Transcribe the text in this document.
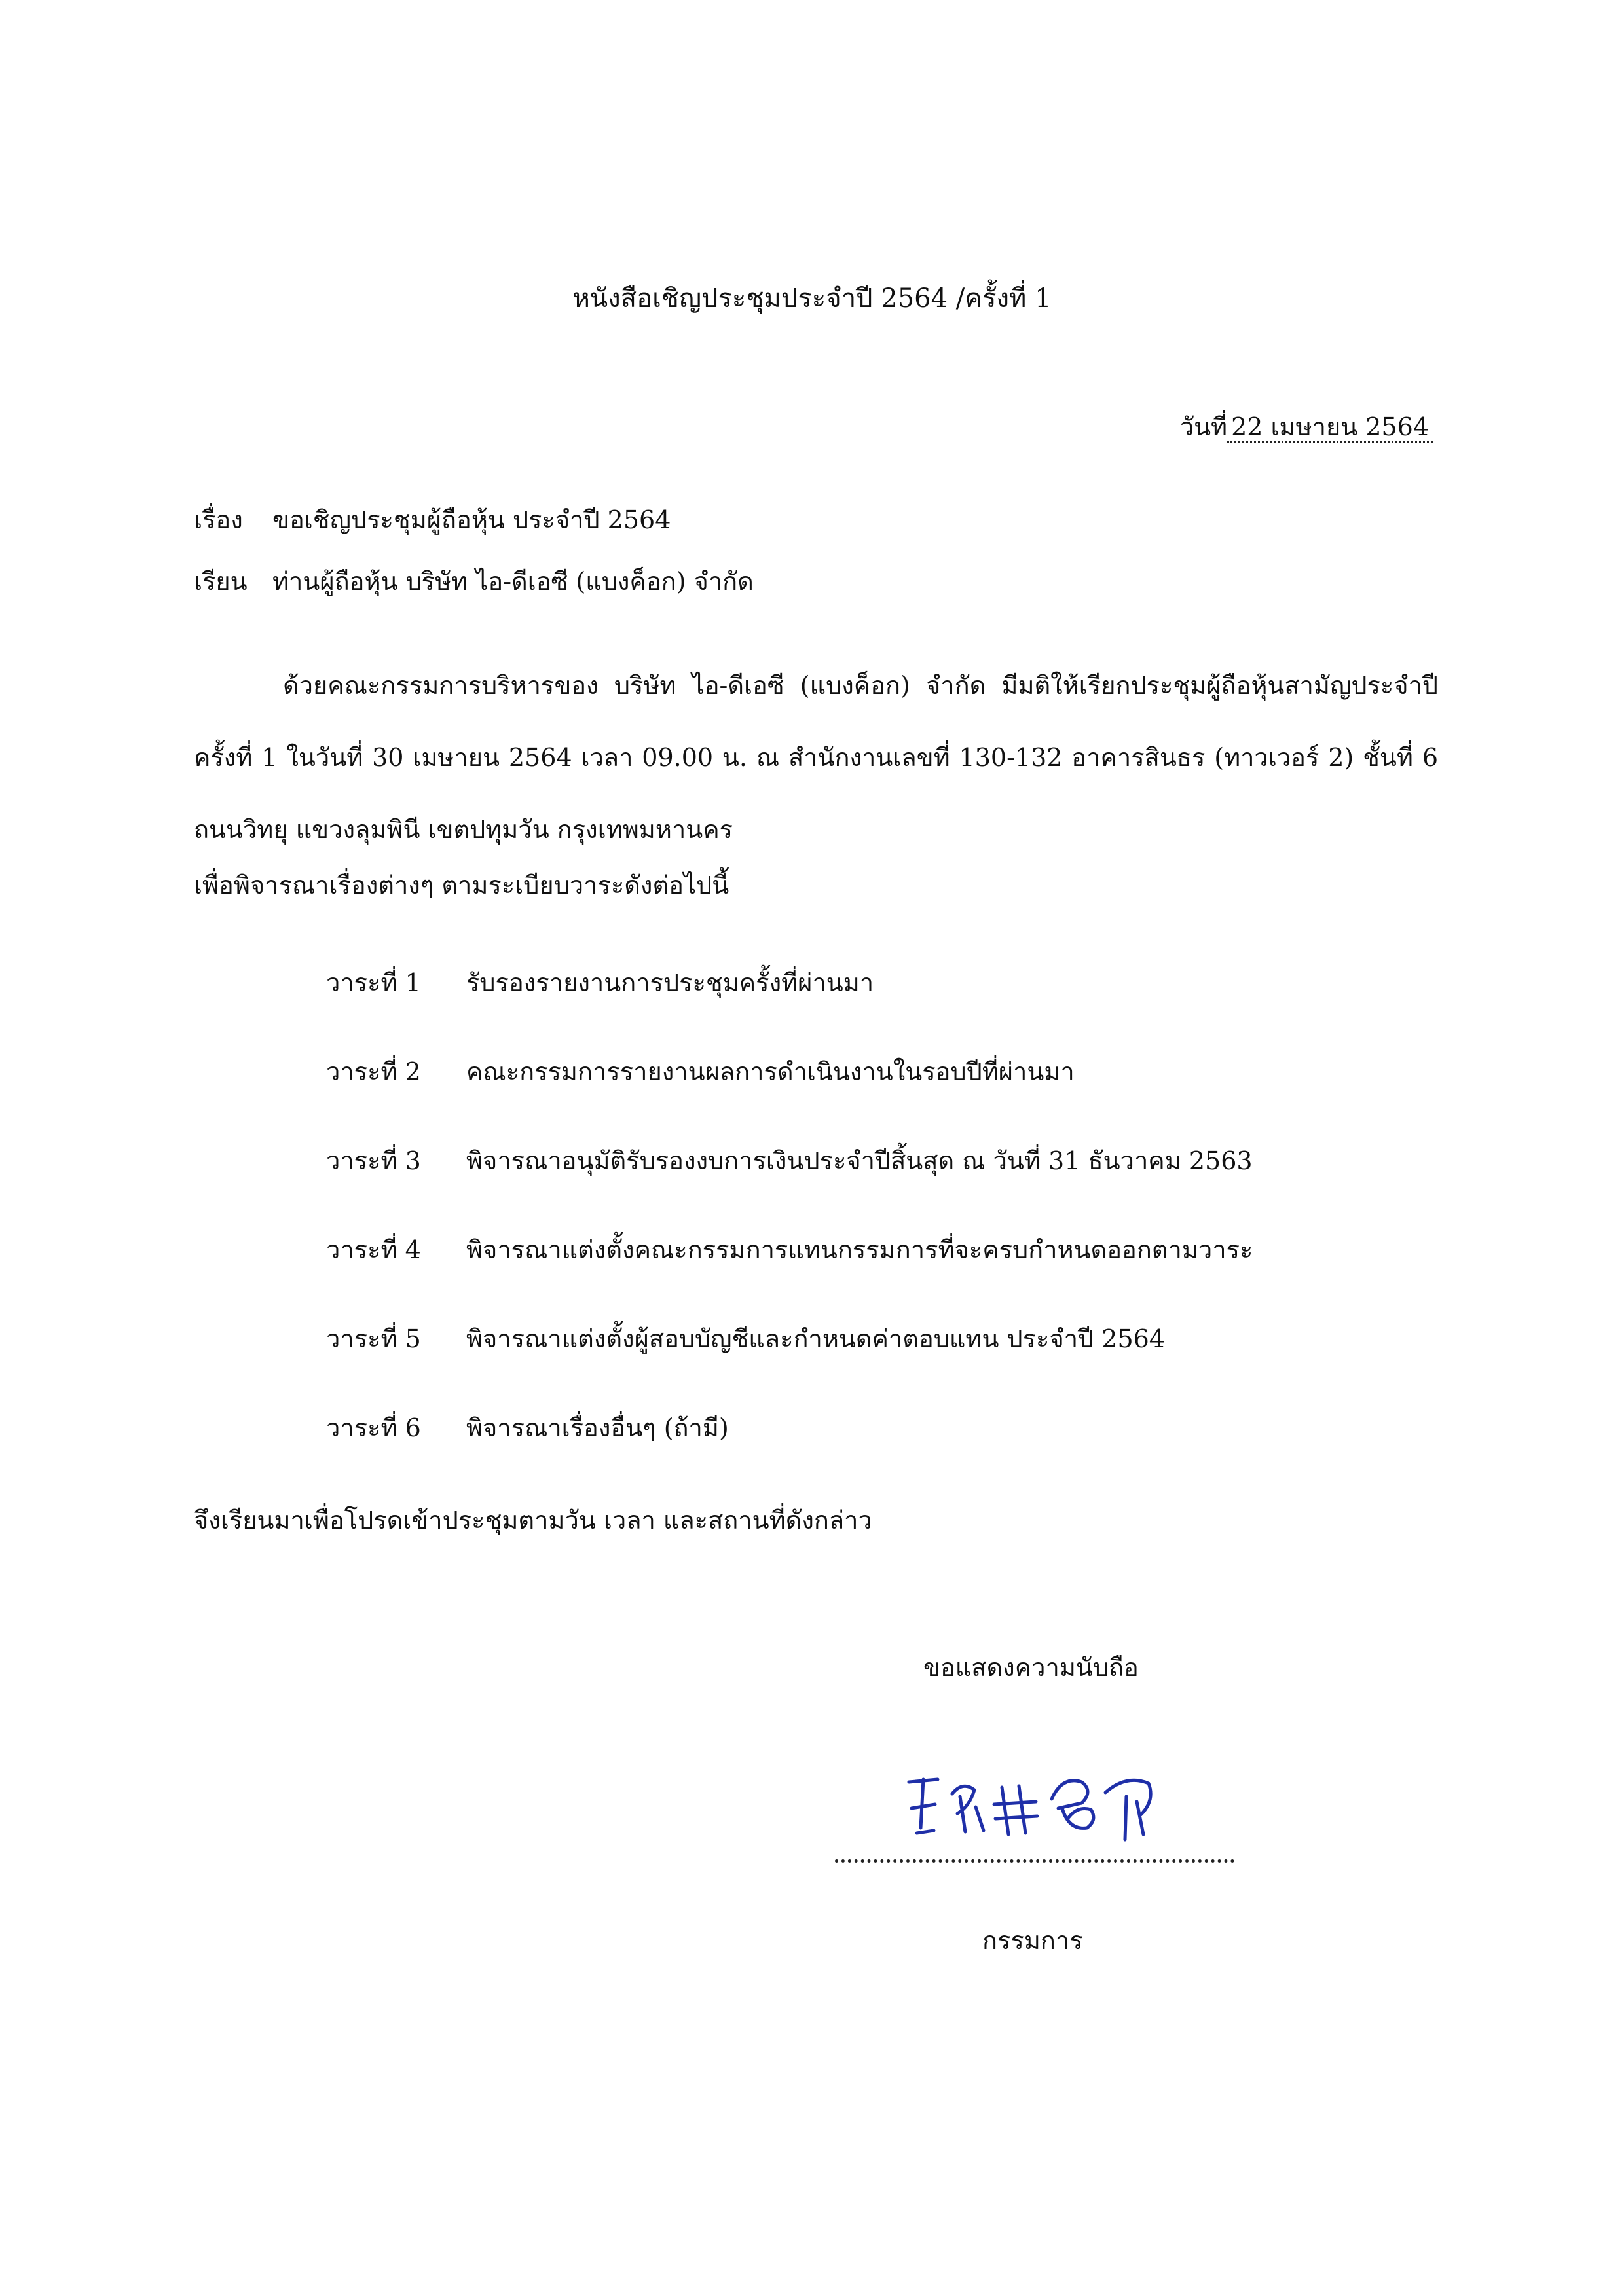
หนังสือเชิญประชุมประจำปี 2564 /ครั้งที่ 1
วันที่ 22 เมษายน 2564
เรื่อง ขอเชิญประชุมผู้ถือหุ้น ประจำปี 2564
เรียน ท่านผู้ถือหุ้น บริษัท ไอ-ดีเอซี (แบงค็อก) จำกัด
ด้วยคณะกรรมการบริหารของ บริษัท ไอ-ดีเอซี (แบงค็อก) จำกัด มีมติให้เรียกประชุมผู้ถือหุ้นสามัญประจำปี ครั้งที่ 1 ในวันที่ 30 เมษายน 2564 เวลา 09.00 น. ณ สำนักงานเลขที่ 130-132 อาคารสินธร (ทาวเวอร์ 2) ชั้นที่ 6 ถนนวิทยุ แขวงลุมพินี เขตปทุมวัน กรุงเทพมหานคร
เพื่อพิจารณาเรื่องต่างๆ ตามระเบียบวาระดังต่อไปนี้
วาระที่ 1 รับรองรายงานการประชุมครั้งที่ผ่านมา
วาระที่ 2 คณะกรรมการรายงานผลการดำเนินงานในรอบปีที่ผ่านมา
วาระที่ 3 พิจารณาอนุมัติรับรองงบการเงินประจำปีสิ้นสุด ณ วันที่ 31 ธันวาคม 2563
วาระที่ 4 พิจารณาแต่งตั้งคณะกรรมการแทนกรรมการที่จะครบกำหนดออกตามวาระ
วาระที่ 5 พิจารณาแต่งตั้งผู้สอบบัญชีและกำหนดค่าตอบแทน ประจำปี 2564
วาระที่ 6 พิจารณาเรื่องอื่นๆ (ถ้ามี)
จึงเรียนมาเพื่อโปรดเข้าประชุมตามวัน เวลา และสถานที่ดังกล่าว
ขอแสดงความนับถือ
กรรมการ
